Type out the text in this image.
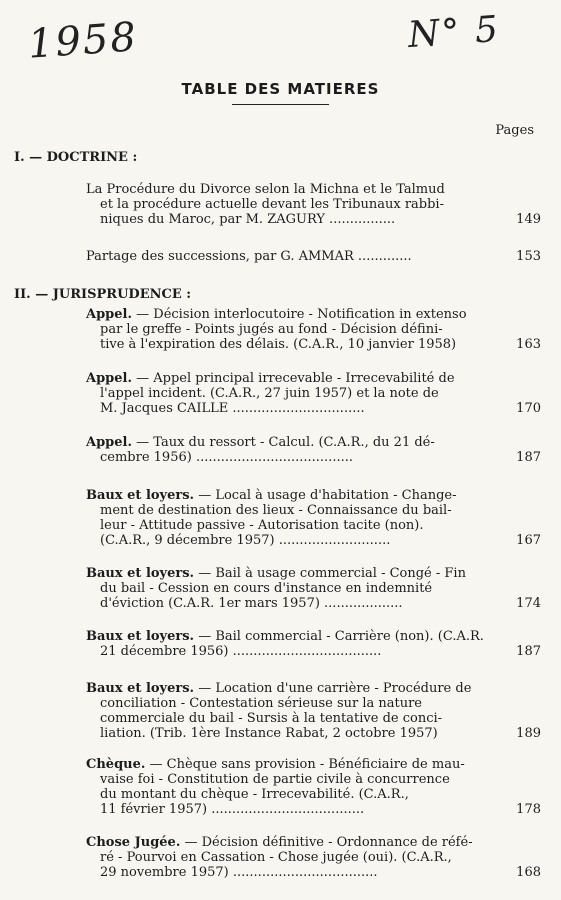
1958	N° 5
TABLE DES MATIERES
Pages
I. — DOCTRINE :
II. — JURISPRUDENCE :
La Procédure du Divorce selon la Michna et le Talmud
et la procédure actuelle devant les Tribunaux rabbi-
niques du Maroc, par M. ZAGURY ................	149
Partage des successions, par G. AMMAR .............	153
Appel. — Décision interlocutoire - Notification in extenso
par le greffe - Points jugés au fond - Décision défini-
tive à l'expiration des délais. (C.A.R., 10 janvier 1958)	163
Appel. — Appel principal irrecevable - Irrecevabilité de
l'appel incident. (C.A.R., 27 juin 1957) et la note de
M. Jacques CAILLE ................................	170
Appel. — Taux du ressort - Calcul. (C.A.R., du 21 dé-
cembre 1956) ......................................	187
Baux et loyers. — Local à usage d'habitation - Change-
ment de destination des lieux - Connaissance du bail-
leur - Attitude passive - Autorisation tacite (non).
(C.A.R., 9 décembre 1957) ...........................	167
Baux et loyers. — Bail à usage commercial - Congé - Fin
du bail - Cession en cours d'instance en indemnité
d'éviction (C.A.R. 1er mars 1957) ...................	174
Baux et loyers. — Bail commercial - Carrière (non). (C.A.R.
21 décembre 1956) ....................................	187
Baux et loyers. — Location d'une carrière - Procédure de
conciliation - Contestation sérieuse sur la nature
commerciale du bail - Sursis à la tentative de conci-
liation. (Trib. 1ère Instance Rabat, 2 octobre 1957)	189
Chèque. — Chèque sans provision - Bénéficiaire de mau-
vaise foi - Constitution de partie civile à concurrence
du montant du chèque - Irrecevabilité. (C.A.R.,
11 février 1957) .....................................	178
Chose Jugée. — Décision définitive - Ordonnance de réfé-
ré - Pourvoi en Cassation - Chose jugée (oui). (C.A.R.,
29 novembre 1957) ...................................	168
